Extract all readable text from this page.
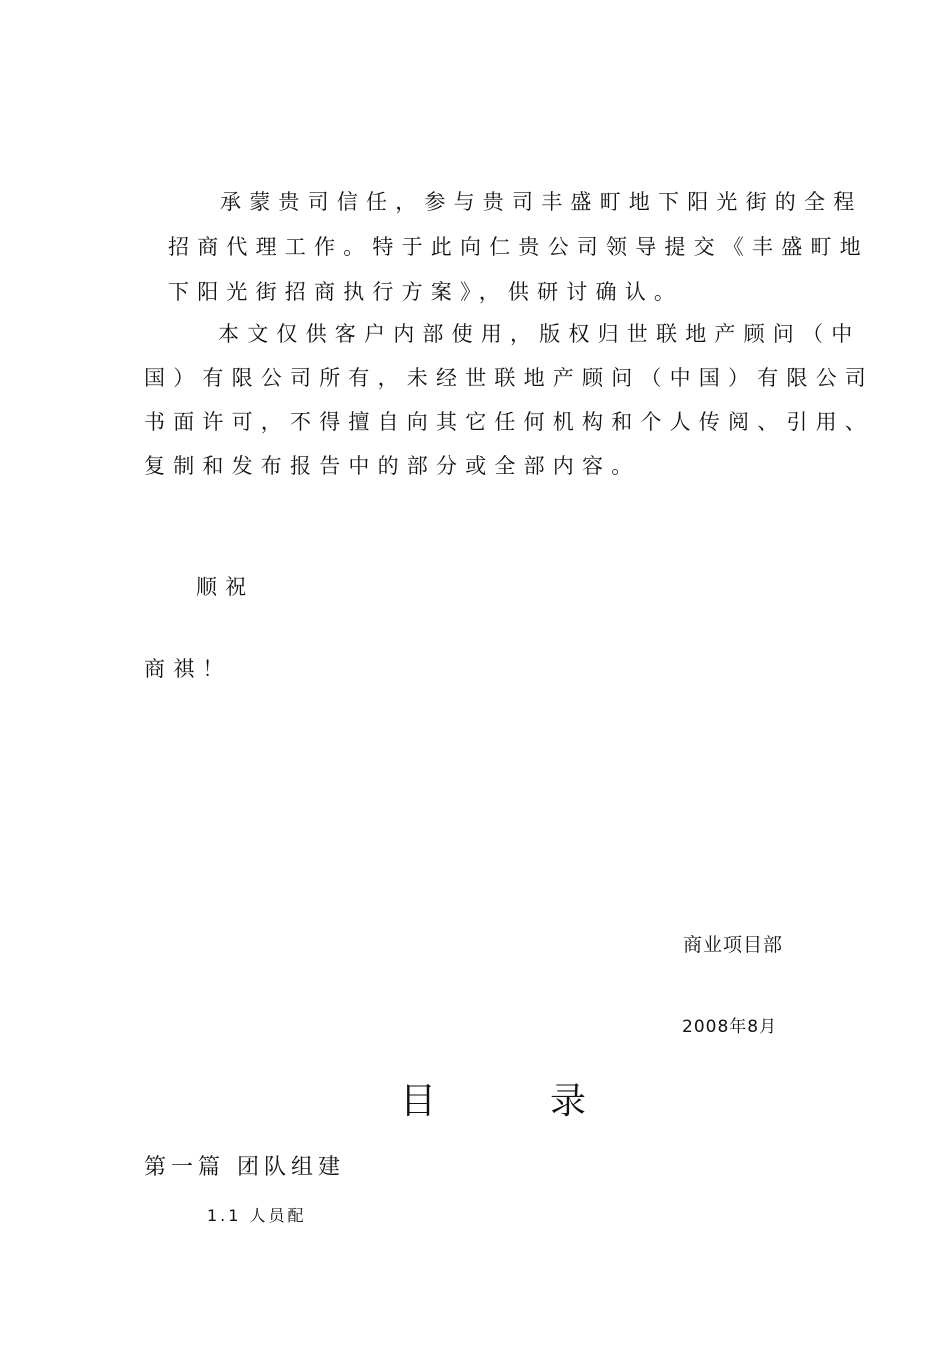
承蒙贵司信任，参与贵司丰盛町地下阳光街的全程
招商代理工作。特于此向仁贵公司领导提交《丰盛町地
下阳光街招商执行方案》，供研讨确认。
本文仅供客户内部使用，版权归世联地产顾问（中
国）有限公司所有，未经世联地产顾问（中国）有限公司
书面许可，不得擅自向其它任何机构和个人传阅、引用、
复制和发布报告中的部分或全部内容。
顺祝
商祺！
商业项目部
2008年8月
目	录
第一篇 团队组建
1.1 人员配
